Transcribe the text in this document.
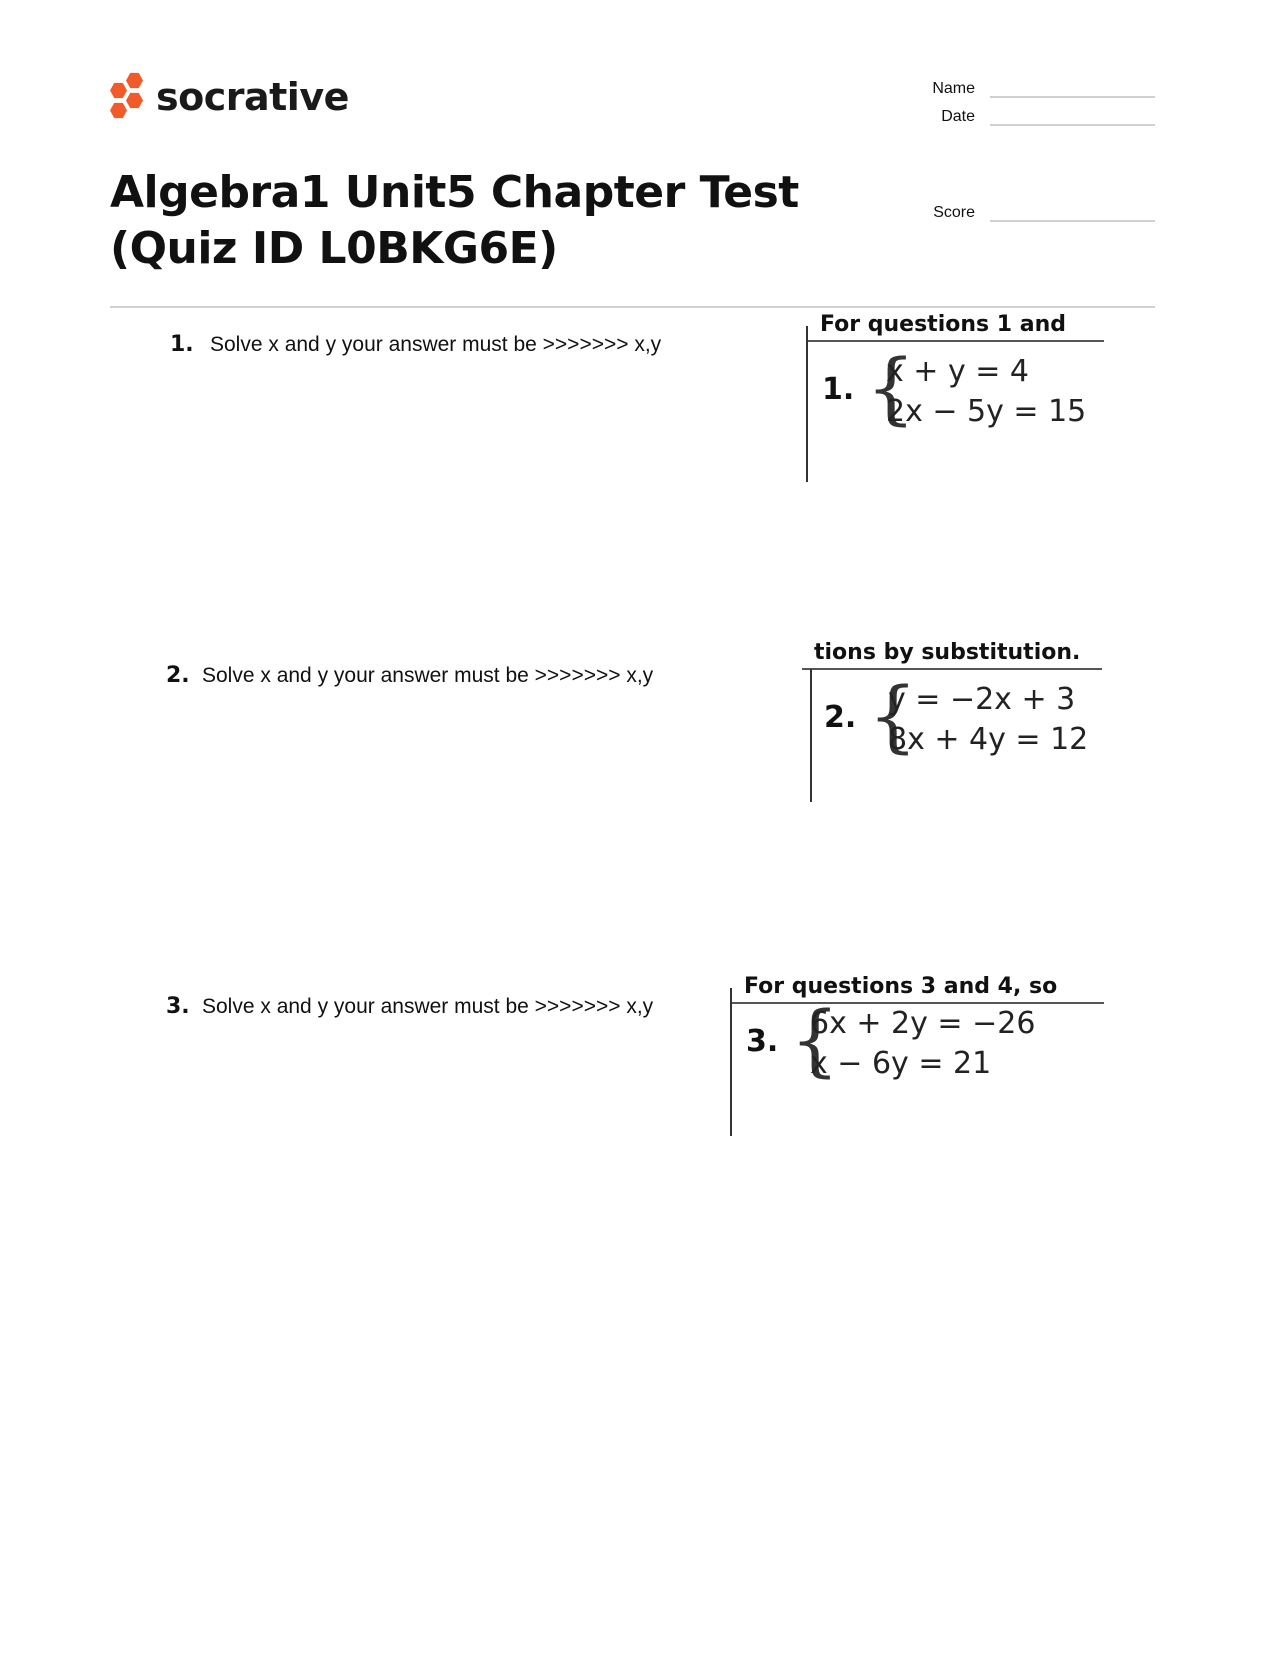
socrative	Name
Date
Score
Algebra1 Unit5 Chapter Test
(Quiz ID L0BKG6E)
1. Solve x and y your answer must be >>>>>>> x,y
For questions 1 and
1. {
x + y = 4
2x − 5y = 15
2. Solve x and y your answer must be >>>>>>> x,y
tions by substitution.
2. {
y = −2x + 3
8x + 4y = 12
3. Solve x and y your answer must be >>>>>>> x,y
For questions 3 and 4, so
3. {
6x + 2y = −26
x − 6y = 21
